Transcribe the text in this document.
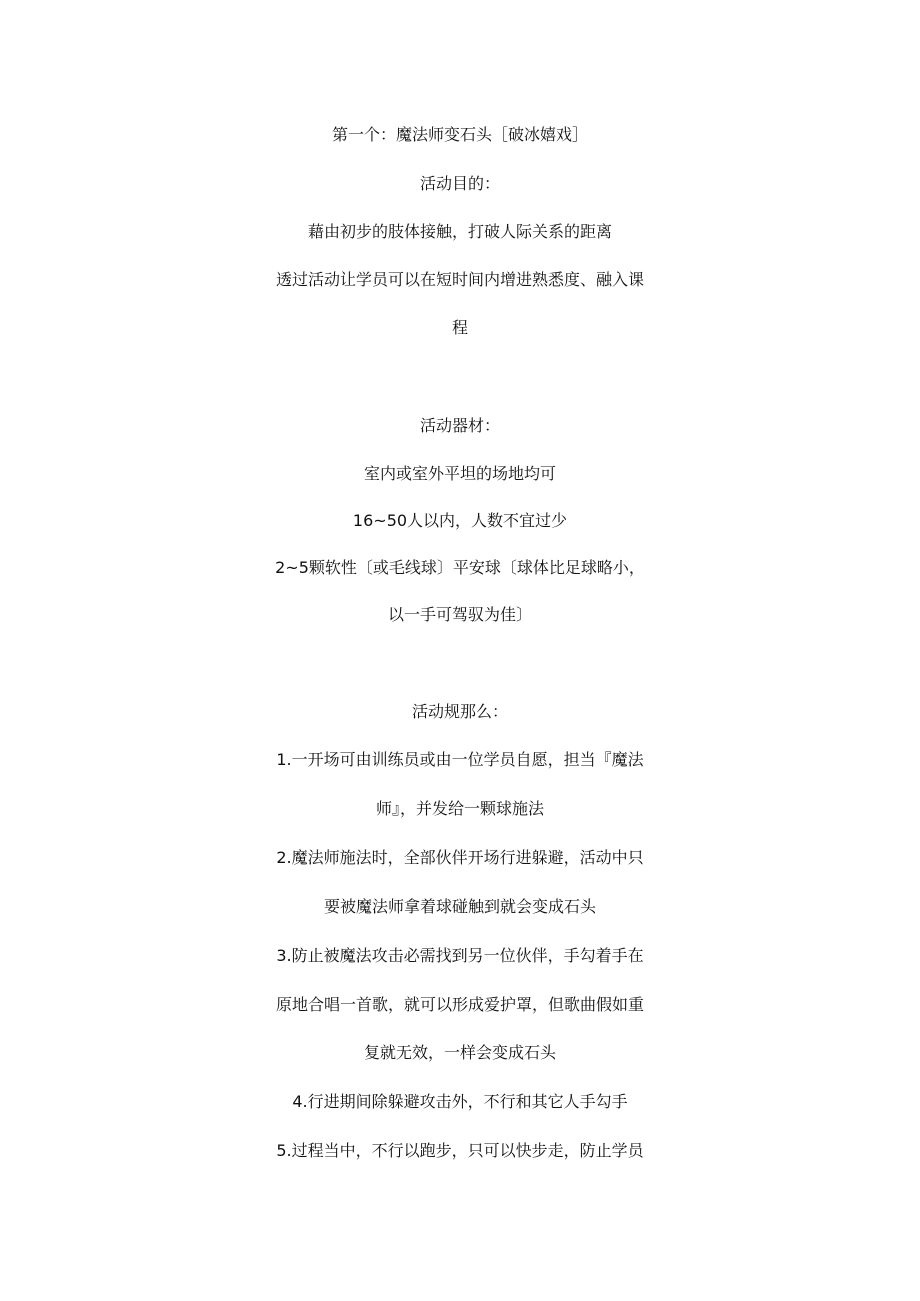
第一个：魔法师变石头［破冰嬉戏］
活动目的：
藉由初步的肢体接触，打破人际关系的距离
透过活动让学员可以在短时间内增进熟悉度、融入课
程
活动器材：
室内或室外平坦的场地均可
16~50人以内，人数不宜过少
2~5颗软性〔或毛线球〕平安球〔球体比足球略小，
以一手可驾驭为佳〕
活动规那么：
1.一开场可由训练员或由一位学员自愿，担当『魔法
师』，并发给一颗球施法
2.魔法师施法时，全部伙伴开场行进躲避，活动中只
要被魔法师拿着球碰触到就会变成石头
3.防止被魔法攻击必需找到另一位伙伴，手勾着手在
原地合唱一首歌，就可以形成爱护罩，但歌曲假如重
复就无效，一样会变成石头
4.行进期间除躲避攻击外，不行和其它人手勾手
5.过程当中，不行以跑步，只可以快步走，防止学员
